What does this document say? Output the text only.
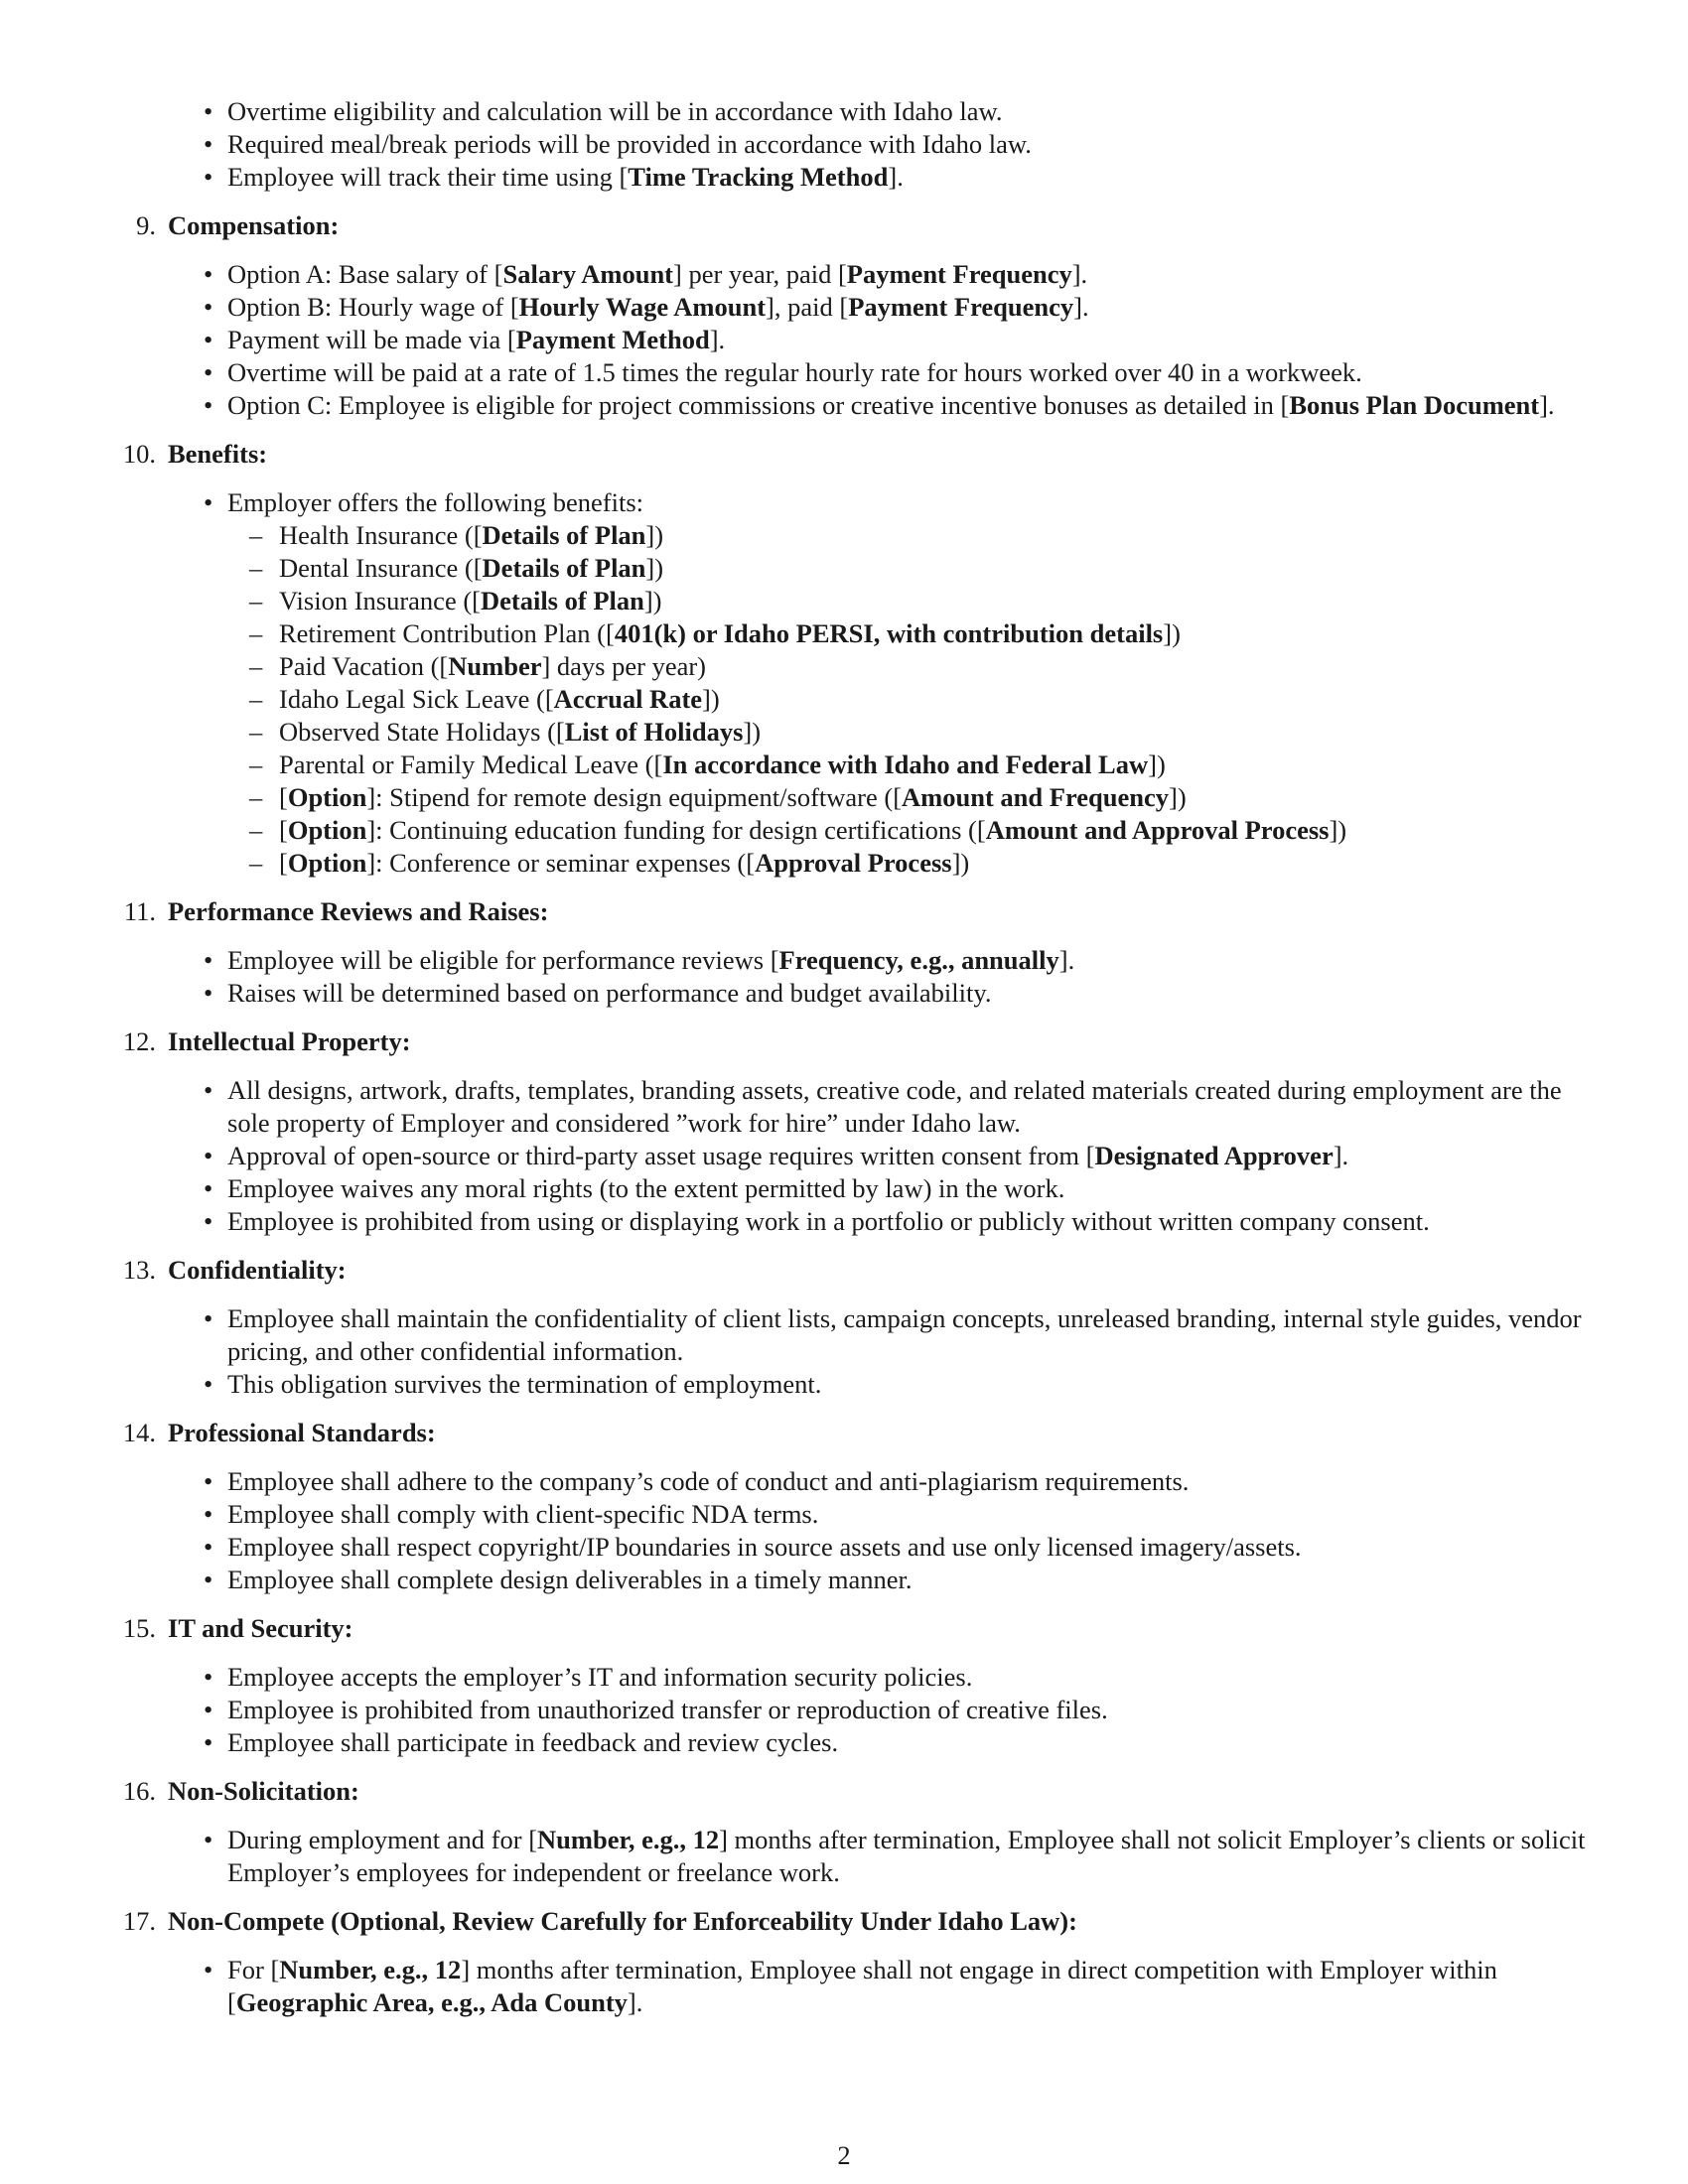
• Overtime eligibility and calculation will be in accordance with Idaho law.
• Required meal/break periods will be provided in accordance with Idaho law.
• Employee will track their time using [Time Tracking Method].
9. Compensation:
• Option A: Base salary of [Salary Amount] per year, paid [Payment Frequency].
• Option B: Hourly wage of [Hourly Wage Amount], paid [Payment Frequency].
• Payment will be made via [Payment Method].
• Overtime will be paid at a rate of 1.5 times the regular hourly rate for hours worked over 40 in a workweek.
• Option C: Employee is eligible for project commissions or creative incentive bonuses as detailed in [Bonus Plan Document].
10. Benefits:
• Employer offers the following benefits:
– Health Insurance ([Details of Plan])
– Dental Insurance ([Details of Plan])
– Vision Insurance ([Details of Plan])
– Retirement Contribution Plan ([401(k) or Idaho PERSI, with contribution details])
– Paid Vacation ([Number] days per year)
– Idaho Legal Sick Leave ([Accrual Rate])
– Observed State Holidays ([List of Holidays])
– Parental or Family Medical Leave ([In accordance with Idaho and Federal Law])
– [Option]: Stipend for remote design equipment/software ([Amount and Frequency])
– [Option]: Continuing education funding for design certifications ([Amount and Approval Process])
– [Option]: Conference or seminar expenses ([Approval Process])
11. Performance Reviews and Raises:
• Employee will be eligible for performance reviews [Frequency, e.g., annually].
• Raises will be determined based on performance and budget availability.
12. Intellectual Property:
• All designs, artwork, drafts, templates, branding assets, creative code, and related materials created during employment are the sole property of Employer and considered ”work for hire” under Idaho law.
• Approval of open-source or third-party asset usage requires written consent from [Designated Approver].
• Employee waives any moral rights (to the extent permitted by law) in the work.
• Employee is prohibited from using or displaying work in a portfolio or publicly without written company consent.
13. Confidentiality:
• Employee shall maintain the confidentiality of client lists, campaign concepts, unreleased branding, internal style guides, vendor pricing, and other confidential information.
• This obligation survives the termination of employment.
14. Professional Standards:
• Employee shall adhere to the company’s code of conduct and anti-plagiarism requirements.
• Employee shall comply with client-specific NDA terms.
• Employee shall respect copyright/IP boundaries in source assets and use only licensed imagery/assets.
• Employee shall complete design deliverables in a timely manner.
15. IT and Security:
• Employee accepts the employer’s IT and information security policies.
• Employee is prohibited from unauthorized transfer or reproduction of creative files.
• Employee shall participate in feedback and review cycles.
16. Non-Solicitation:
• During employment and for [Number, e.g., 12] months after termination, Employee shall not solicit Employer’s clients or solicit Employer’s employees for independent or freelance work.
17. Non-Compete (Optional, Review Carefully for Enforceability Under Idaho Law):
• For [Number, e.g., 12] months after termination, Employee shall not engage in direct competition with Employer within [Geographic Area, e.g., Ada County].
2
